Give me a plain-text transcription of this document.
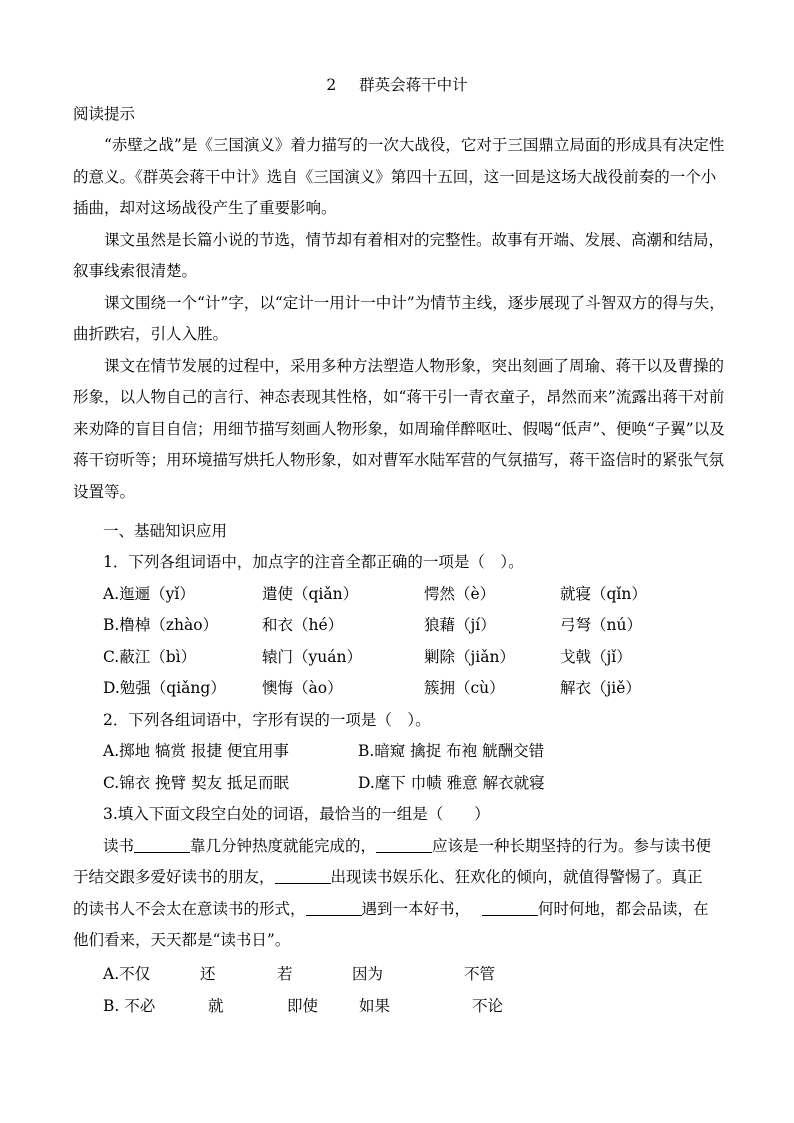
2 群英会蒋干中计
阅读提示

“赤壁之战”是《三国演义》着力描写的一次大战役，它对于三国鼎立局面的形成具有决定性的意义。《群英会蒋干中计》选自《三国演义》第四十五回，这一回是这场大战役前奏的一个小插曲，却对这场战役产生了重要影响。

课文虽然是长篇小说的节选，情节却有着相对的完整性。故事有开端、发展、高潮和结局，叙事线索很清楚。

课文围绕一个“计”字，以“定计一用计一中计”为情节主线，逐步展现了斗智双方的得与失，曲折跌宕，引人入胜。

课文在情节发展的过程中，采用多种方法塑造人物形象，突出刻画了周瑜、蒋干以及曹操的形象，以人物自己的言行、神态表现其性格，如“蒋干引一青衣童子，昂然而来”流露出蒋干对前来劝降的盲目自信；用细节描写刻画人物形象，如周瑜佯醉呕吐、假喝“低声”、便唤“子翼”以及蒋干窃听等；用环境描写烘托人物形象，如对曹军水陆军营的气氛描写，蒋干盗信时的紧张气氛设置等。

一、基础知识应用
1．下列各组词语中，加点字的注音全都正确的一项是（　）。
A.迤逦（yǐ）	遣使（qiǎn）	愕然（è）	就寝（qǐn）
B.橹棹（zhào）	和衣（hé）	狼藉（jí）	弓弩（nú）
C.蔽江（bì）	辕门（yuán）	剿除（jiǎn）	戈戟（jǐ）
D.勉强（qiǎng） 懊悔（ào）	簇拥（cù）	解衣（jiě）
2．下列各组词语中，字形有误的一项是（　）。
A.掷地 犒赏 报捷 便宜用事	B.暗窥 擒捉 布袍 觥酬交错
C.锦衣 挽臂 契友 抵足而眠	D.麾下 巾帻 雅意 解衣就寝
3.填入下面文段空白处的词语，最恰当的一组是（　　）
读书	靠几分钟热度就能完成的，	应该是一种长期坚持的行为。参与读书便
于结交跟多爱好读书的朋友，	出现读书娱乐化、狂欢化的倾向，就值得警惕了。真正
的读书人不会太在意读书的形式，	遇到一本好书，	何时何地，都会品读，在
他们看来，天天都是“读书日”。
A.不仅	还	若	因为	不管
B. 不必	就	即使	如果	不论
